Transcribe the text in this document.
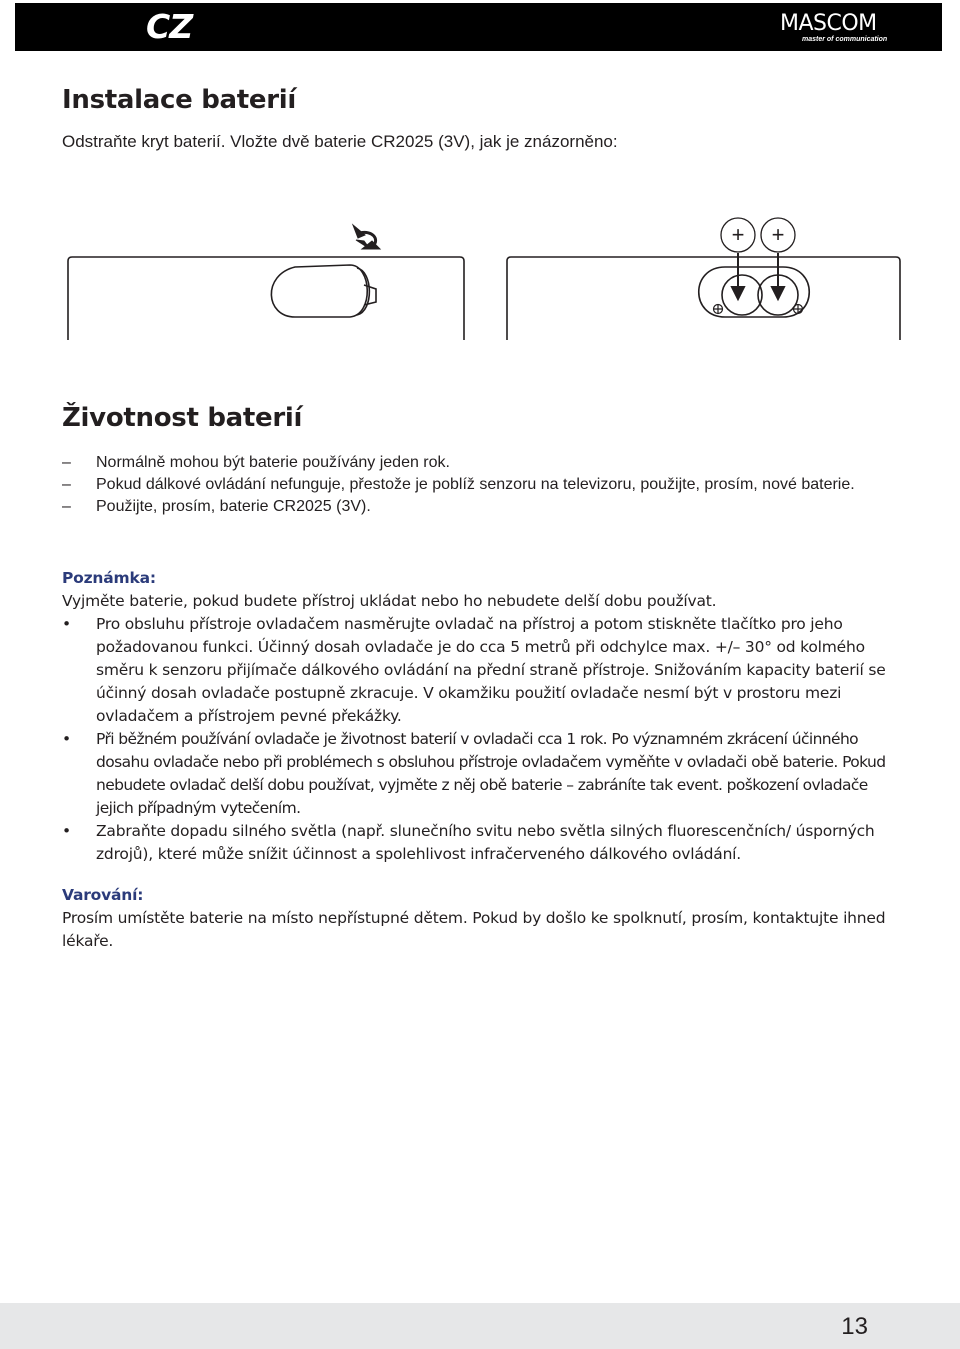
CZ	MASCOM
master of communication
Instalace baterií
Odstraňte kryt baterií. Vložte dvě baterie CR2025 (3V), jak je znázorněno:
+ +
Životnost baterií
– Normálně mohou být baterie používány jeden rok.
– Pokud dálkové ovládání nefunguje, přestože je poblíž senzoru na televizoru, použijte, prosím, nové baterie.
– Použijte, prosím, baterie CR2025 (3V).

Poznámka:

Vyjměte baterie, pokud budete přístroj ukládat nebo ho nebudete delší dobu používat.

• Pro obsluhu přístroje ovladačem nasměrujte ovladač na přístroj a potom stiskněte tlačítko pro jeho požadovanou funkci. Účinný dosah ovladače je do cca 5 metrů při odchylce max. +/– 30° od kolmého směru k senzoru přijímače dálkového ovládání na přední straně přístroje. Snižováním kapacity baterií se účinný dosah ovladače postupně zkracuje. V okamžiku použití ovladače nesmí být v prostoru mezi ovladačem a přístrojem pevné překážky.
• Při běžném používání ovladače je životnost baterií v ovladači cca 1 rok. Po významném zkrácení účinného dosahu ovladače nebo při problémech s obsluhou přístroje ovladačem vyměňte v ovladači obě baterie. Pokud nebudete ovladač delší dobu používat, vyjměte z něj obě baterie – zabráníte tak event. poškození ovladače jejich případným vytečením.
• Zabraňte dopadu silného světla (např. slunečního svitu nebo světla silných fluorescenčních/ úsporných zdrojů), které může snížit účinnost a spolehlivost infračerveného dálkového ovládání.

Varování:

Prosím umístěte baterie na místo nepřístupné dětem. Pokud by došlo ke spolknutí, prosím, kontaktujte ihned lékaře.

13
